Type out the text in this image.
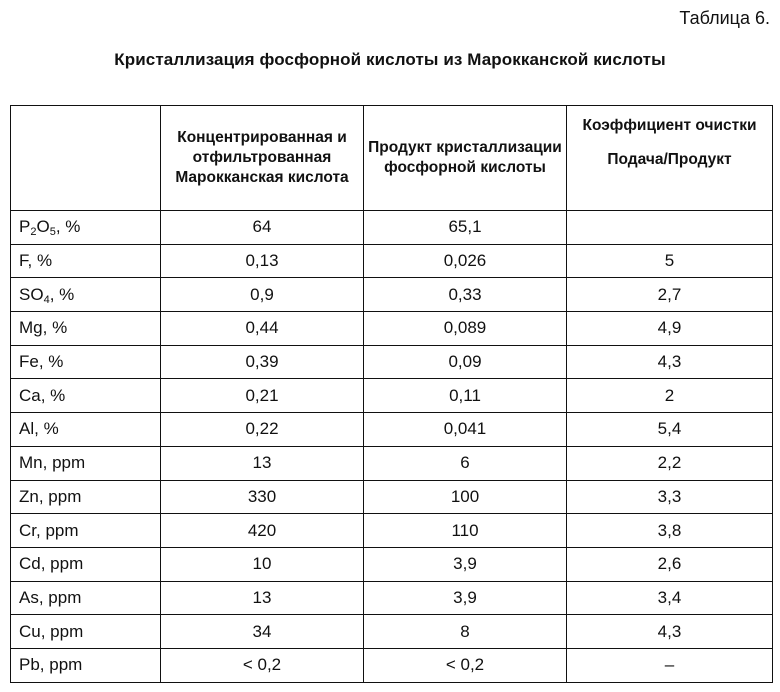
Таблица 6.
Кристаллизация фосфорной кислоты из Марокканской кислоты
	Концентрированная и отфильтрованная Марокканская кислота	Продукт кристаллизации фосфорной кислоты	Коэффициент очистки
Подача/Продукт

$P_2O_5$, %	64	65,1	
F, %	0,13	0,026	5
$SO_4$, %	0,9	0,33	2,7
Mg, %	0,44	0,089	4,9
Fe, %	0,39	0,09	4,3
Ca, %	0,21	0,11	2
Al, %	0,22	0,041	5,4
Mn, ppm	13	6	2,2
Zn, ppm	330	100	3,3
Cr, ppm	420	110	3,8
Cd, ppm	10	3,9	2,6
As, ppm	13	3,9	3,4
Cu, ppm	34	8	4,3
Pb, ppm	< 0,2	< 0,2	–
